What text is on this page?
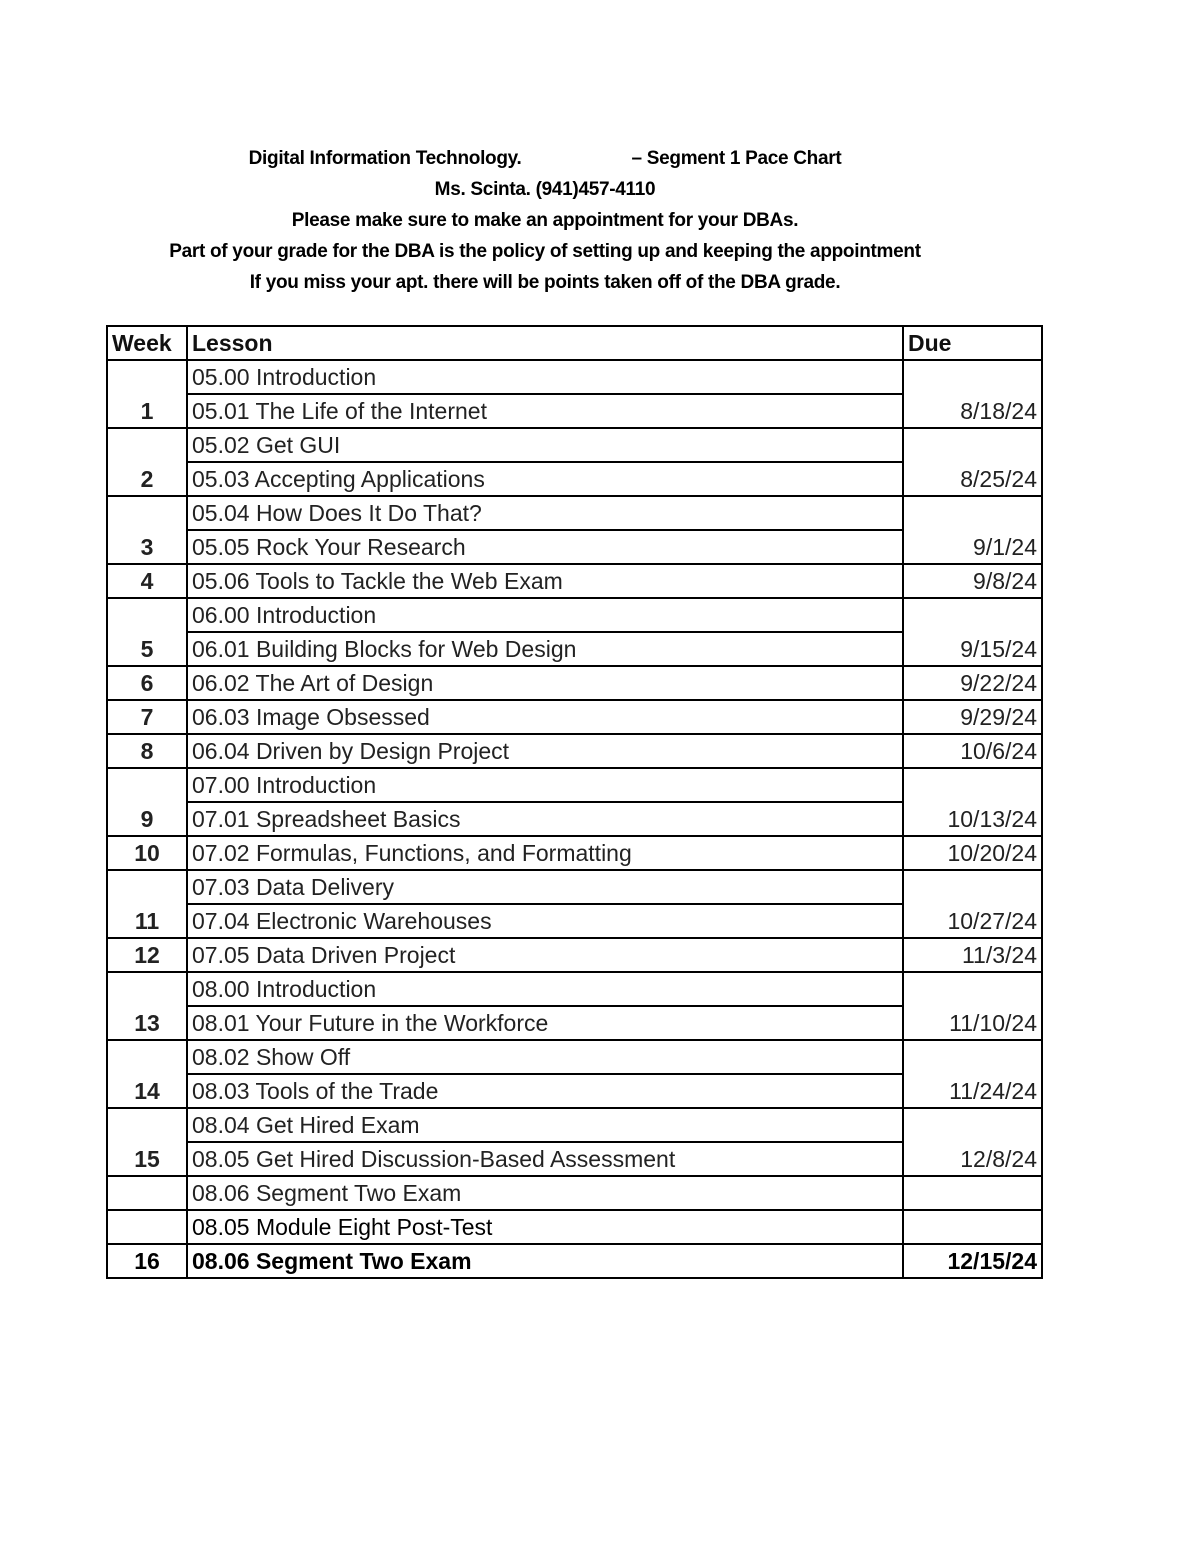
Digital Information Technology.	– Segment 1 Pace Chart
Ms. Scinta. (941)457-4110
Please make sure to make an appointment for your DBAs.
Part of your grade for the DBA is the policy of setting up and keeping the appointment
If you miss your apt. there will be points taken off of the DBA grade.
Week	Lesson	Due
1	05.00 Introduction	8/18/24
	05.01 The Life of the Internet	
2	05.02 Get GUI	8/25/24
	05.03 Accepting Applications	
3	05.04 How Does It Do That?	9/1/24
	05.05 Rock Your Research	
4	05.06 Tools to Tackle the Web Exam	9/8/24
5	06.00 Introduction	9/15/24
	06.01 Building Blocks for Web Design	
6	06.02 The Art of Design	9/22/24
7	06.03 Image Obsessed	9/29/24
8	06.04 Driven by Design Project	10/6/24
9	07.00 Introduction	10/13/24
	07.01 Spreadsheet Basics	
10	07.02 Formulas, Functions, and Formatting	10/20/24
11	07.03 Data Delivery	10/27/24
	07.04 Electronic Warehouses	
12	07.05 Data Driven Project	11/3/24
13	08.00 Introduction	11/10/24
	08.01 Your Future in the Workforce	
14	08.02 Show Off	11/24/24
	08.03 Tools of the Trade	
15	08.04 Get Hired Exam	12/8/24
	08.05 Get Hired Discussion-Based Assessment	
	08.06 Segment Two Exam	
	08.05 Module Eight Post-Test	
16	08.06 Segment Two Exam	12/15/24
